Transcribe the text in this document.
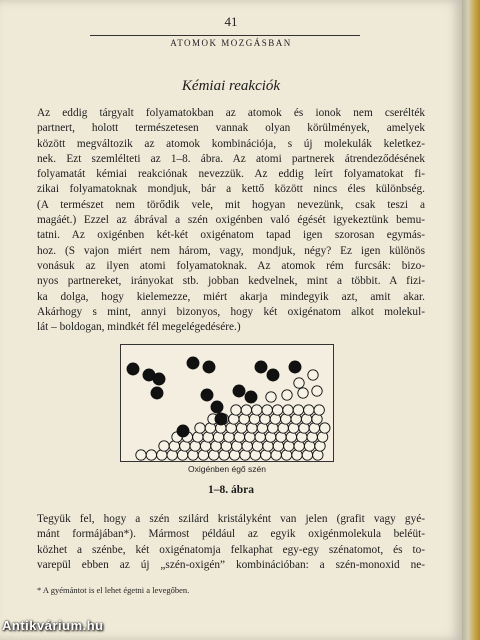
41
ATOMOK MOZGÁSBAN
Kémiai reakciók
Az eddig tárgyalt folyamatokban az atomok és ionok nem cserélték
partnert, holott természetesen vannak olyan körülmények, amelyek
között megváltozik az atomok kombinációja, s új molekulák keletkez-
nek. Ezt szemlélteti az 1–8. ábra. Az atomi partnerek átrendeződésének
folyamatát kémiai reakciónak nevezzük. Az eddig leírt folyamatokat fi-
zikai folyamatoknak mondjuk, bár a kettő között nincs éles különbség.
(A természet nem törődik vele, mit hogyan nevezünk, csak teszi a
magáét.) Ezzel az ábrával a szén oxigénben való égését igyekeztünk bemu-
tatni. Az oxigénben két-két oxigénatom tapad igen szorosan egymás-
hoz. (S vajon miért nem három, vagy, mondjuk, négy? Ez igen különös
vonásuk az ilyen atomi folyamatoknak. Az atomok rém furcsák: bizo-
nyos partnereket, irányokat stb. jobban kedvelnek, mint a többit. A fizi-
ka dolga, hogy kielemezze, miért akarja mindegyik azt, amit akar.
Akárhogy s mint, annyi bizonyos, hogy két oxigénatom alkot molekul-
lát – boldogan, mindkét fél megelégedésére.)
Oxigénben égő szén
1–8. ábra
Tegyük fel, hogy a szén szilárd kristályként van jelen (grafit vagy gyé-
mánt formájában*). Mármost például az egyik oxigénmolekula beléüt-
közhet a szénbe, két oxigénatomja felkaphat egy-egy szénatomot, és to-
varepül ebben az új „szén-oxigén” kombinációban: a szén-monoxid ne-
* A gyémántot is el lehet égetni a levegőben.
Antikvárium.hu
